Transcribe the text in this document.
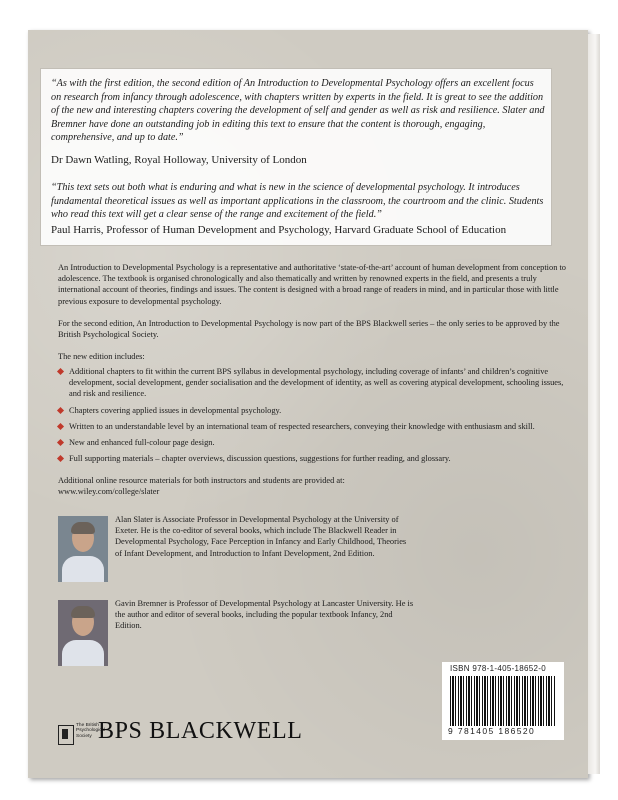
“As with the first edition, the second edition of An Introduction to Developmental Psychology offers an excellent focus on research from infancy through adolescence, with chapters written by experts in the field. It is great to see the addition of the new and interesting chapters covering the development of self and gender as well as risk and resilience. Slater and Bremner have done an outstanding job in editing this text to ensure that the content is thorough, engaging, comprehensive, and up to date.”
Dr Dawn Watling, Royal Holloway, University of London
“This text sets out both what is enduring and what is new in the science of developmental psychology. It introduces fundamental theoretical issues as well as important applications in the classroom, the courtroom and the clinic. Students who read this text will get a clear sense of the range and excitement of the field.”
Paul Harris, Professor of Human Development and Psychology, Harvard Graduate School of Education
An Introduction to Developmental Psychology is a representative and authoritative ‘state-of-the-art’ account of human development from conception to adolescence. The textbook is organised chronologically and also thematically and written by renowned experts in the field, and presents a truly international account of theories, findings and issues. The content is designed with a broad range of readers in mind, and in particular those with little previous exposure to developmental psychology.
For the second edition, An Introduction to Developmental Psychology is now part of the BPS Blackwell series – the only series to be approved by the British Psychological Society.
The new edition includes:
Additional chapters to fit within the current BPS syllabus in developmental psychology, including coverage of infants’ and children’s cognitive development, social development, gender socialisation and the development of identity, as well as covering atypical development, schooling issues, and risk and resilience.
Chapters covering applied issues in developmental psychology.
Written to an understandable level by an international team of respected researchers, conveying their knowledge with enthusiasm and skill.
New and enhanced full-colour page design.
Full supporting materials – chapter overviews, discussion questions, suggestions for further reading, and glossary.
Additional online resource materials for both instructors and students are provided at:
www.wiley.com/college/slater
Alan Slater is Associate Professor in Developmental Psychology at the University of Exeter. He is the co-editor of several books, which include The Blackwell Reader in Developmental Psychology, Face Perception in Infancy and Early Childhood, Theories of Infant Development, and Introduction to Infant Development, 2nd Edition.
Gavin Bremner is Professor of Developmental Psychology at Lancaster University. He is the author and editor of several books, including the popular textbook Infancy, 2nd Edition.
ISBN 978-1-405-18652-0
9 781405 186520
The British Psychological Society BPS BLACKWELL
